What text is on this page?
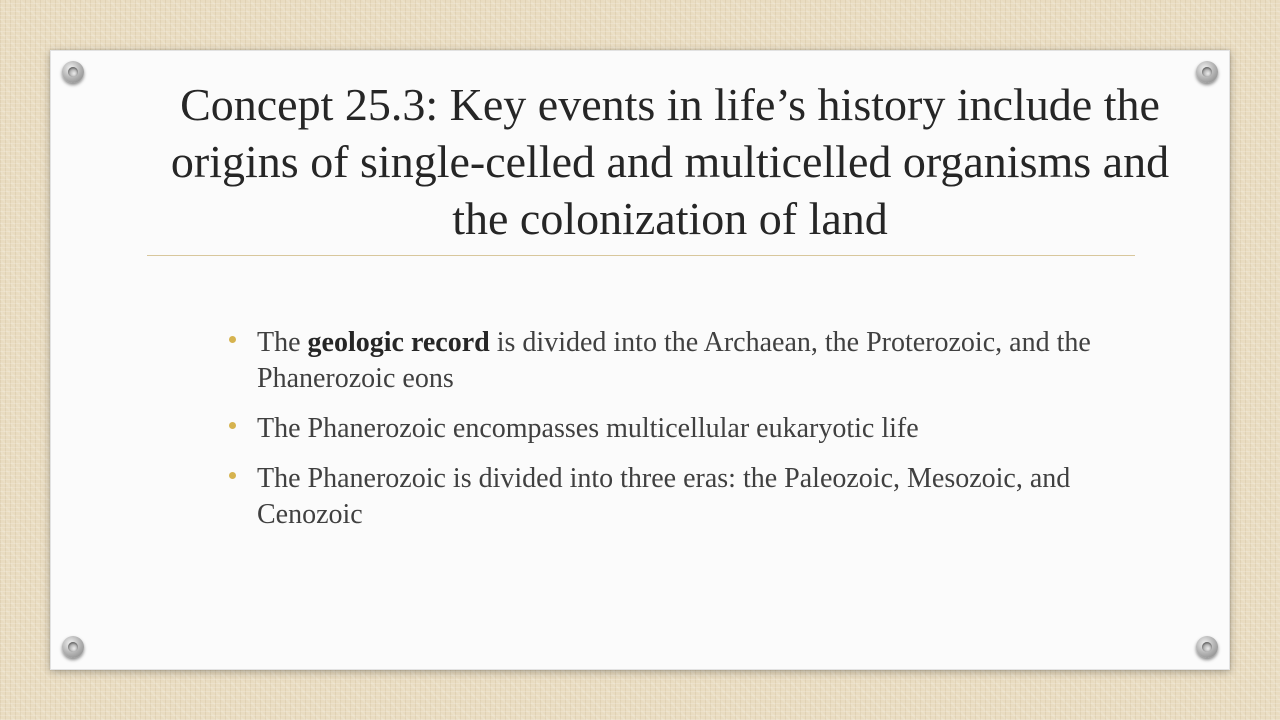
Concept 25.3: Key events in life’s history include the origins of single-celled and multicelled organisms and the colonization of land
The geologic record is divided into the Archaean, the Proterozoic, and the Phanerozoic eons
The Phanerozoic encompasses multicellular eukaryotic life
The Phanerozoic is divided into three eras: the Paleozoic, Mesozoic, and Cenozoic
